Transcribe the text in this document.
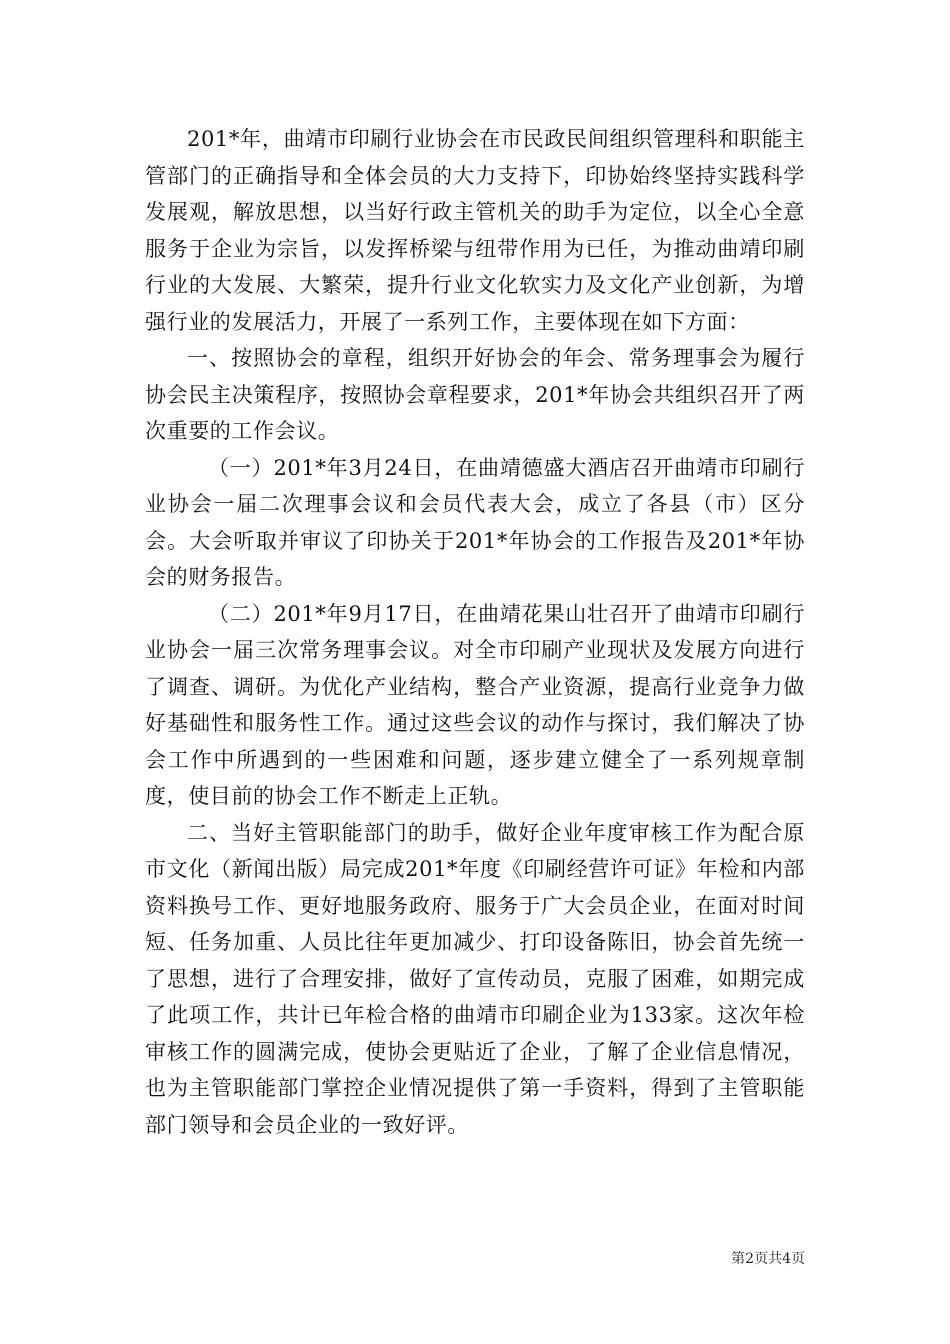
201*年，曲靖市印刷行业协会在市民政民间组织管理科和职能主管部门的正确指导和全体会员的大力支持下，印协始终坚持实践科学发展观，解放思想，以当好行政主管机关的助手为定位，以全心全意服务于企业为宗旨，以发挥桥梁与纽带作用为已任，为推动曲靖印刷行业的大发展、大繁荣，提升行业文化软实力及文化产业创新，为增强行业的发展活力，开展了一系列工作，主要体现在如下方面：

一、按照协会的章程，组织开好协会的年会、常务理事会为履行协会民主决策程序，按照协会章程要求，201*年协会共组织召开了两次重要的工作会议。

（一）201*年3月24日，在曲靖德盛大酒店召开曲靖市印刷行业协会一届二次理事会议和会员代表大会，成立了各县（市）区分会。大会听取并审议了印协关于201*年协会的工作报告及201*年协会的财务报告。

（二）201*年9月17日，在曲靖花果山壮召开了曲靖市印刷行业协会一届三次常务理事会议。对全市印刷产业现状及发展方向进行了调查、调研。为优化产业结构，整合产业资源，提高行业竞争力做好基础性和服务性工作。通过这些会议的动作与探讨，我们解决了协会工作中所遇到的一些困难和问题，逐步建立健全了一系列规章制度，使目前的协会工作不断走上正轨。

二、当好主管职能部门的助手，做好企业年度审核工作为配合原市文化（新闻出版）局完成201*年度《印刷经营许可证》年检和内部资料换号工作、更好地服务政府、服务于广大会员企业，在面对时间短、任务加重、人员比往年更加减少、打印设备陈旧，协会首先统一了思想，进行了合理安排，做好了宣传动员，克服了困难，如期完成了此项工作，共计已年检合格的曲靖市印刷企业为133家。这次年检审核工作的圆满完成，使协会更贴近了企业，了解了企业信息情况，也为主管职能部门掌控企业情况提供了第一手资料，得到了主管职能部门领导和会员企业的一致好评。

第2页共4页
